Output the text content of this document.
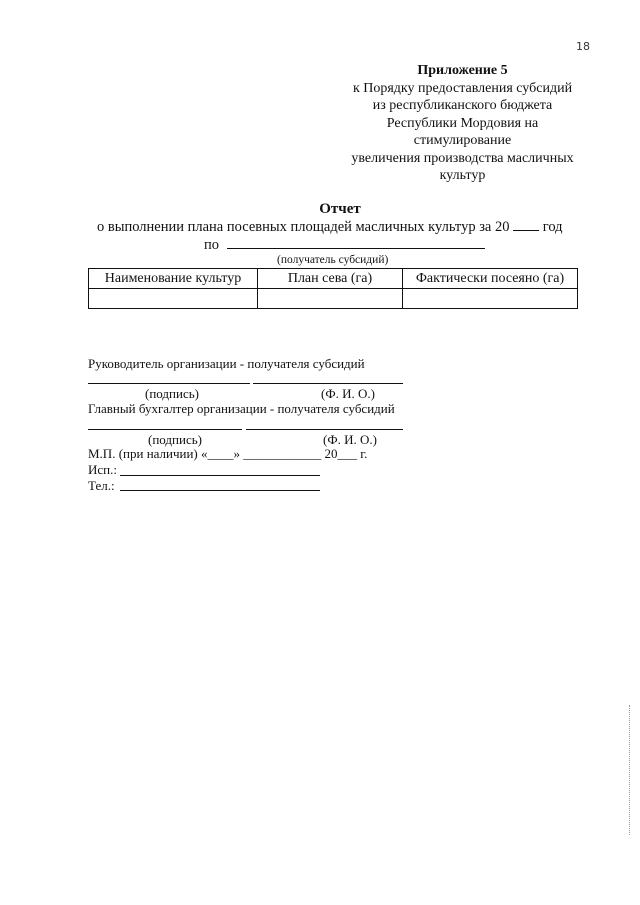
18
Приложение 5
к Порядку предоставления субсидий
из республиканского бюджета
Республики Мордовия на
стимулирование
увеличения производства масличных
культур
Отчет
о выполнении плана посевных площадей масличных культур за 20 год
по
(получатель субсидий)
Наименование культур	План сева (га)	Фактически посеяно (га)

Руководитель организации - получателя субсидий
(подпись)	(Ф. И. О.)
Главный бухгалтер организации - получателя субсидий
(подпись)	(Ф. И. О.)
М.П. (при наличии) «____» ____________ 20___ г.
Исп.:
Тел.:
